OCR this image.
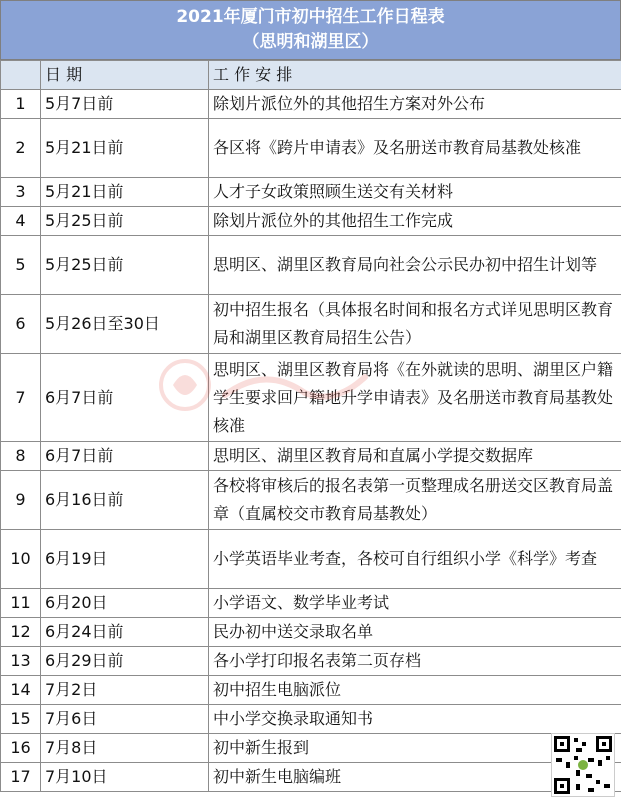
2021年厦门市初中招生工作日程表
（思明和湖里区）
	日 期	工 作 安 排
1	5月7日前	除划片派位外的其他招生方案对外公布
2	5月21日前	各区将《跨片申请表》及名册送市教育局基教处核准
3	5月21日前	人才子女政策照顾生送交有关材料
4	5月25日前	除划片派位外的其他招生工作完成
5	5月25日前	思明区、湖里区教育局向社会公示民办初中招生计划等
6	5月26日至30日	初中招生报名（具体报名时间和报名方式详见思明区教育局和湖里区教育局招生公告）
7	6月7日前	思明区、湖里区教育局将《在外就读的思明、湖里区户籍学生要求回户籍地升学申请表》及名册送市教育局基教处核准
8	6月7日前	思明区、湖里区教育局和直属小学提交数据库
9	6月16日前	各校将审核后的报名表第一页整理成名册送交区教育局盖章（直属校交市教育局基教处）
10	6月19日	小学英语毕业考查，各校可自行组织小学《科学》考查
11	6月20日	小学语文、数学毕业考试
12	6月24日前	民办初中送交录取名单
13	6月29日前	各小学打印报名表第二页存档
14	7月2日	初中招生电脑派位
15	7月6日	中小学交换录取通知书
16	7月8日	初中新生报到
17	7月10日	初中新生电脑编班
